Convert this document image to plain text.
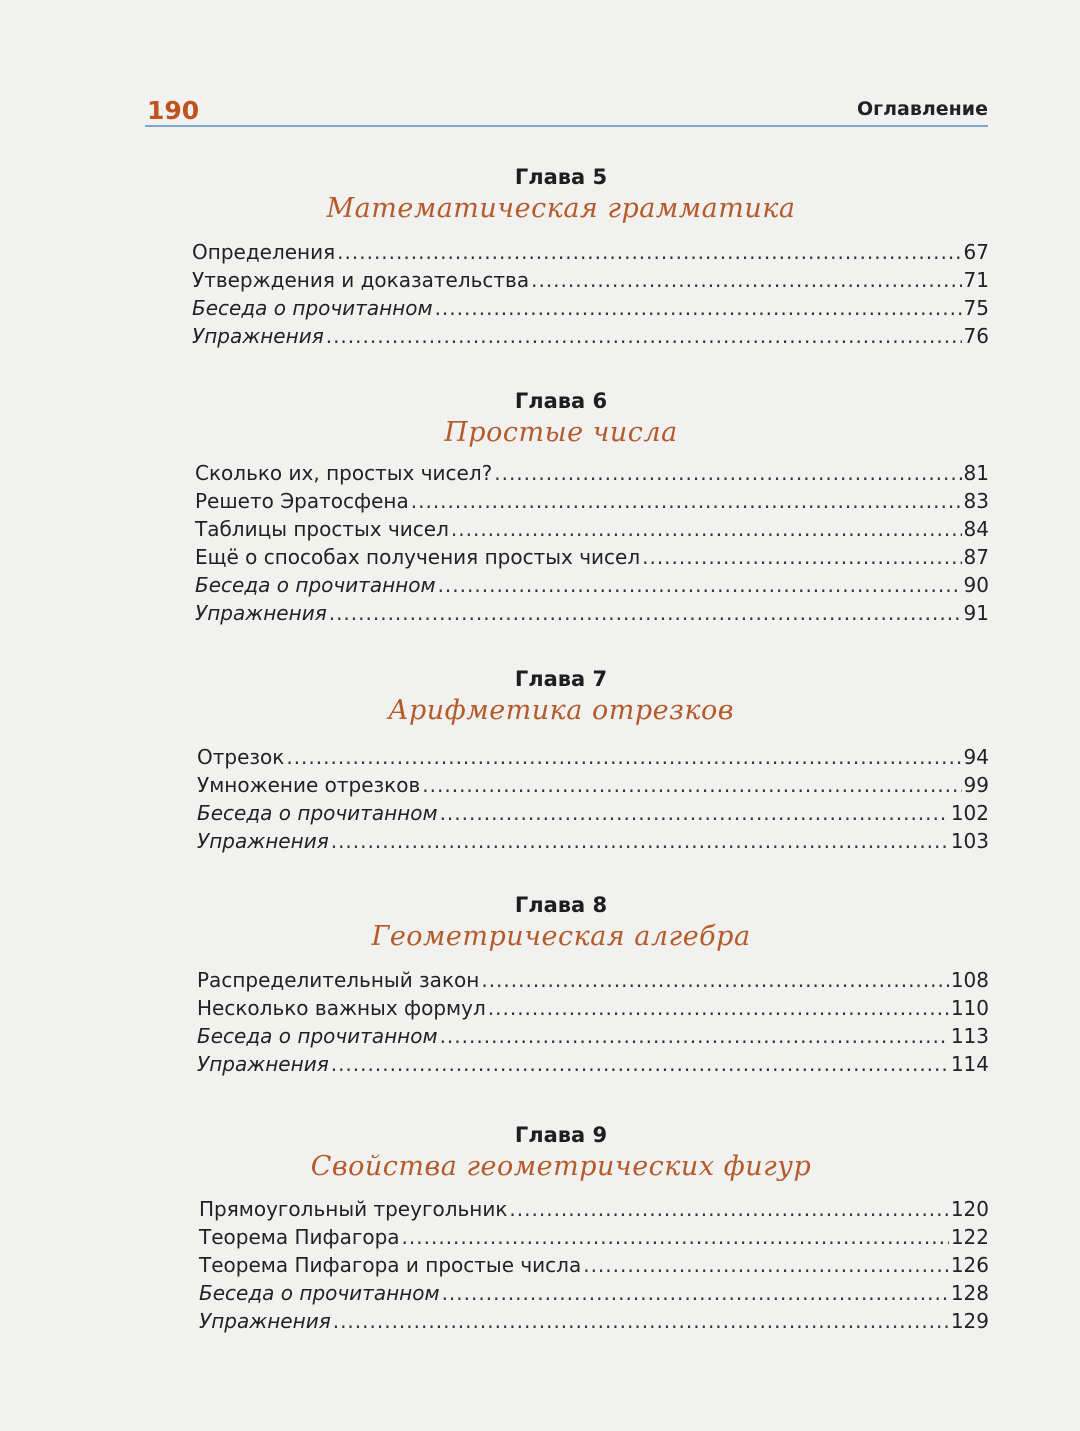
190	Оглавление
Глава 5
Математическая грамматика
Определения .....	67
Утверждения и доказательства .....	71
Беседа о прочитанном .....	75
Упражнения .....	76
Глава 6
Простые числа
Сколько их, простых чисел? .....	81
Решето Эратосфена .....	83
Таблицы простых чисел .....	84
Ещё о способах получения простых чисел .....	87
Беседа о прочитанном .....	90
Упражнения .....	91
Глава 7
Арифметика отрезков
Отрезок .....	94
Умножение отрезков .....	99
Беседа о прочитанном .....	102
Упражнения .....	103
Глава 8
Геометрическая алгебра
Распределительный закон .....	108
Несколько важных формул .....	110
Беседа о прочитанном .....	113
Упражнения .....	114
Глава 9
Свойства геометрических фигур
Прямоугольный треугольник .....	120
Теорема Пифагора .....	122
Теорема Пифагора и простые числа .....	126
Беседа о прочитанном .....	128
Упражнения .....	129
